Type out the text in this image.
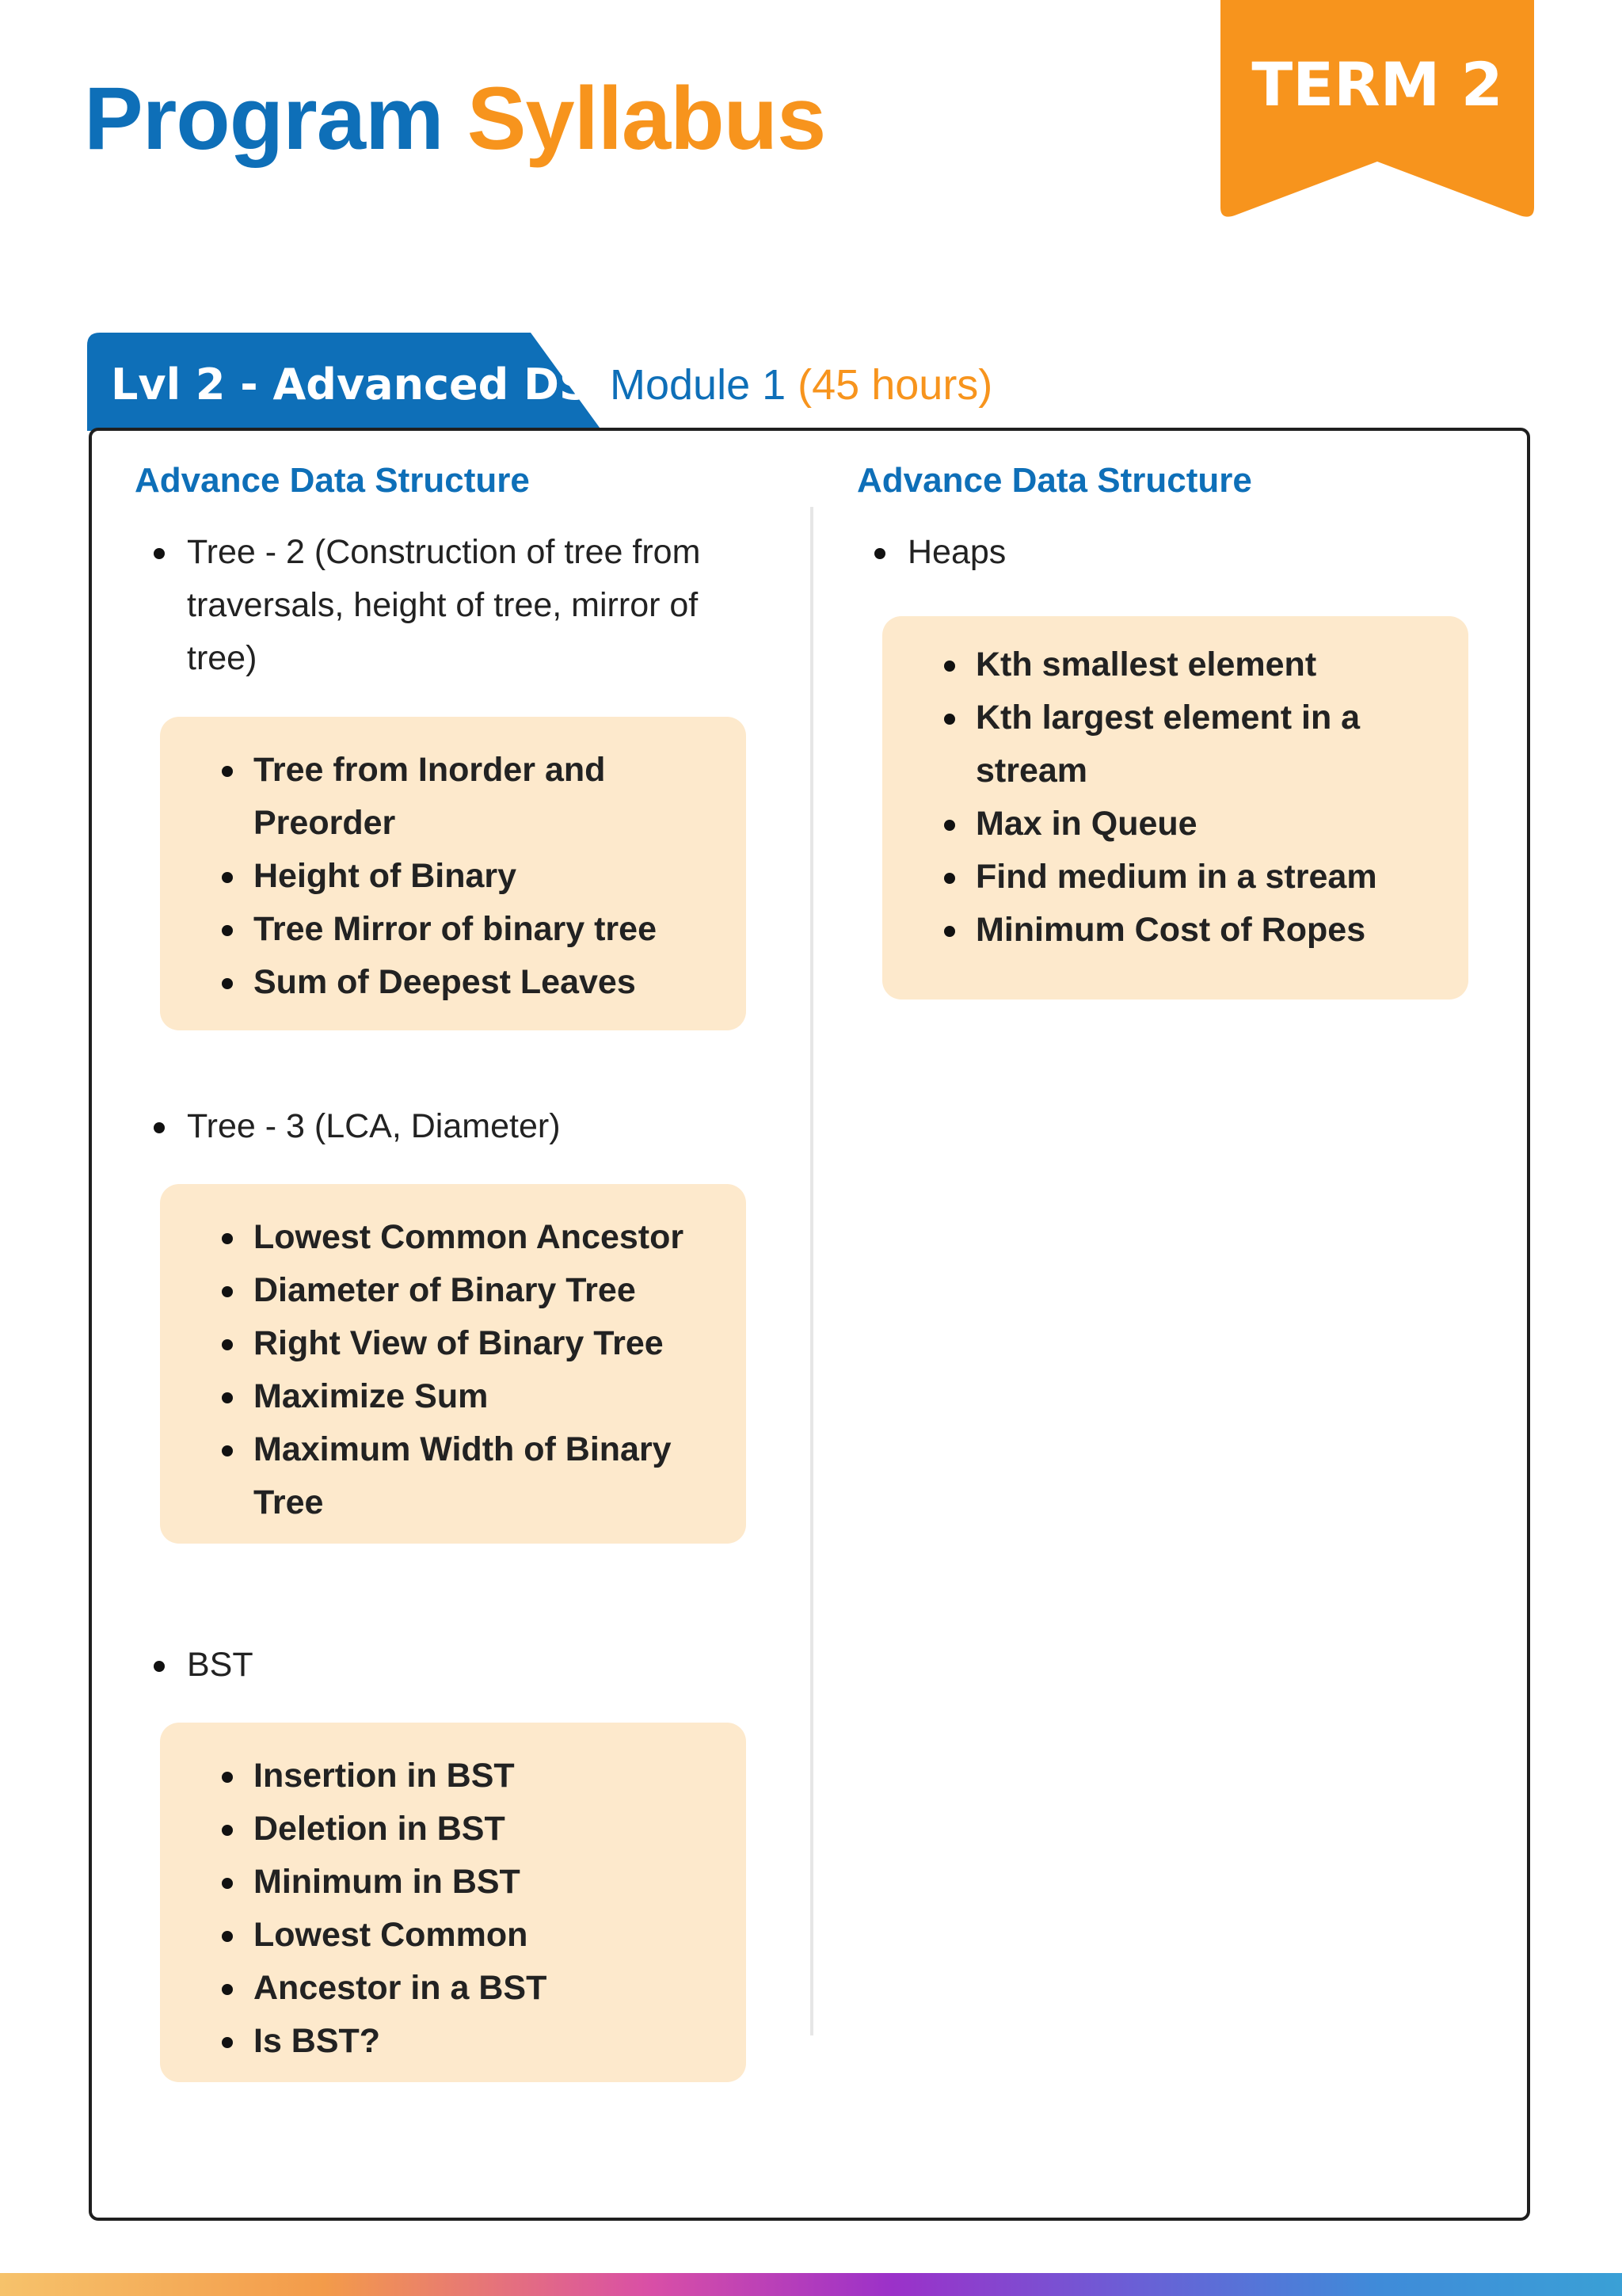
Program Syllabus	TERM 2
Lvl 2 - Advanced DSA
Module 1 (45 hours)
Advance Data Structure
Tree - 2 (Construction of tree from
traversals, height of tree, mirror of
tree)
Tree from Inorder and
Preorder
Height of Binary
Tree Mirror of binary tree
Sum of Deepest Leaves
Tree - 3 (LCA, Diameter)
Lowest Common Ancestor
Diameter of Binary Tree
Right View of Binary Tree
Maximize Sum
Maximum Width of Binary
Tree
BST
Insertion in BST
Deletion in BST
Minimum in BST
Lowest Common
Ancestor in a BST
Is BST?
Advance Data Structure
Heaps
Kth smallest element
Kth largest element in a
stream
Max in Queue
Find medium in a stream
Minimum Cost of Ropes
